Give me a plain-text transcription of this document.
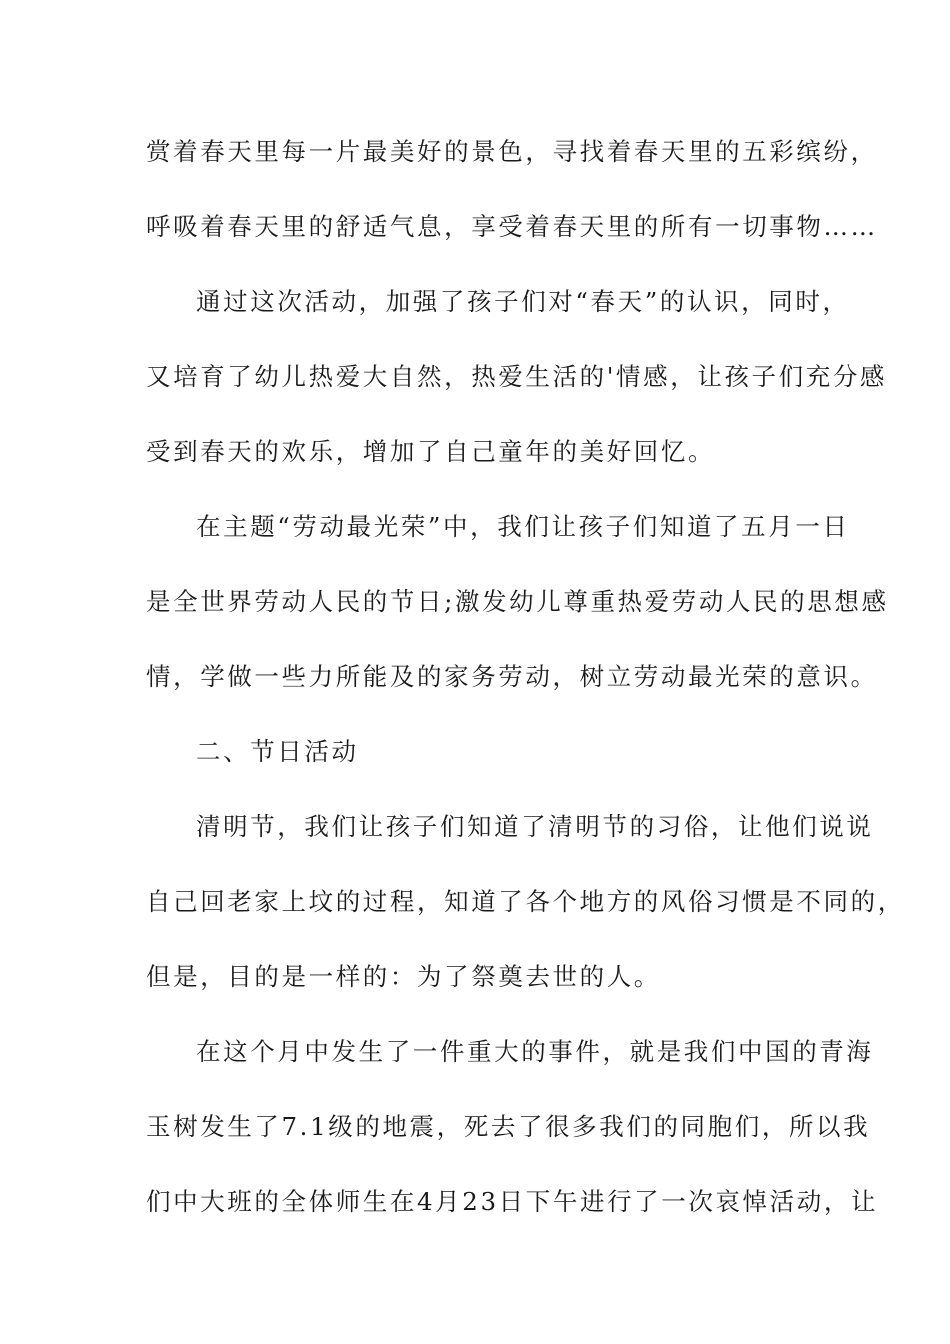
赏着春天里每一片最美好的景色，寻找着春天里的五彩缤纷，
呼吸着春天里的舒适气息，享受着春天里的所有一切事物……
通过这次活动，加强了孩子们对“春天”的认识，同时，
又培育了幼儿热爱大自然，热爱生活的'情感，让孩子们充分感
受到春天的欢乐，增加了自己童年的美好回忆。
在主题“劳动最光荣”中，我们让孩子们知道了五月一日
是全世界劳动人民的节日;激发幼儿尊重热爱劳动人民的思想感
情，学做一些力所能及的家务劳动，树立劳动最光荣的意识。
二、节日活动
清明节，我们让孩子们知道了清明节的习俗，让他们说说
自己回老家上坟的过程，知道了各个地方的风俗习惯是不同的，
但是，目的是一样的：为了祭奠去世的人。
在这个月中发生了一件重大的事件，就是我们中国的青海
玉树发生了7.1级的地震，死去了很多我们的同胞们，所以我
们中大班的全体师生在4月23日下午进行了一次哀悼活动，让
